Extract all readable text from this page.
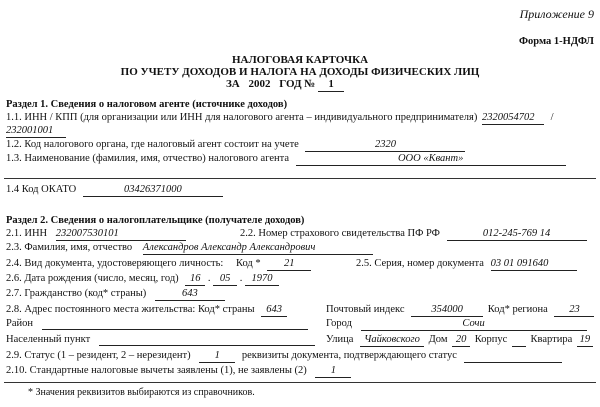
Приложение 9
Форма 1-НДФЛ
НАЛОГОВАЯ КАРТОЧКА
ПО УЧЕТУ ДОХОДОВ И НАЛОГА НА ДОХОДЫ ФИЗИЧЕСКИХ ЛИЦ
ЗА 2002 ГОД № 1
Раздел 1. Сведения о налоговом агенте (источнике доходов)
1.1. ИНН / КПП (для организации или ИНН для налогового агента – индивидуального предпринимателя) 2320054702 /
232001001
1.2. Код налогового органа, где налоговый агент состоит на учете	2320
1.3. Наименование (фамилия, имя, отчество) налогового агента	ООО «Квант»
1.4 Код ОКАТО	03426371000
Раздел 2. Сведения о налогоплательщике (получателе доходов)
2.1. ИНН 232007530101	2.2. Номер страхового свидетельства ПФ РФ	012-245-769 14
2.3. Фамилия, имя, отчество Александров Александр Александрович
2.4. Вид документа, удостоверяющего личность: Код * 21	2.5. Серия, номер документа 03 01 091640
2.6. Дата рождения (число, месяц, год) 16 . 05 . 1970
2.7. Гражданство (код* страны)	643
2.8. Адрес постоянного места жительства: Код* страны 643	Почтовый индекс	354000 Код* региона 23
Район	Город	Сочи
Населенный пункт	Улица Чайковского Дом 20 Корпус Квартира 19
2.9. Статус (1 – резидент, 2 – нерезидент) 1 реквизиты документа, подтверждающего статус
2.10. Стандартные налоговые вычеты заявлены (1), не заявлены (2) 1
* Значения реквизитов выбираются из справочников.
